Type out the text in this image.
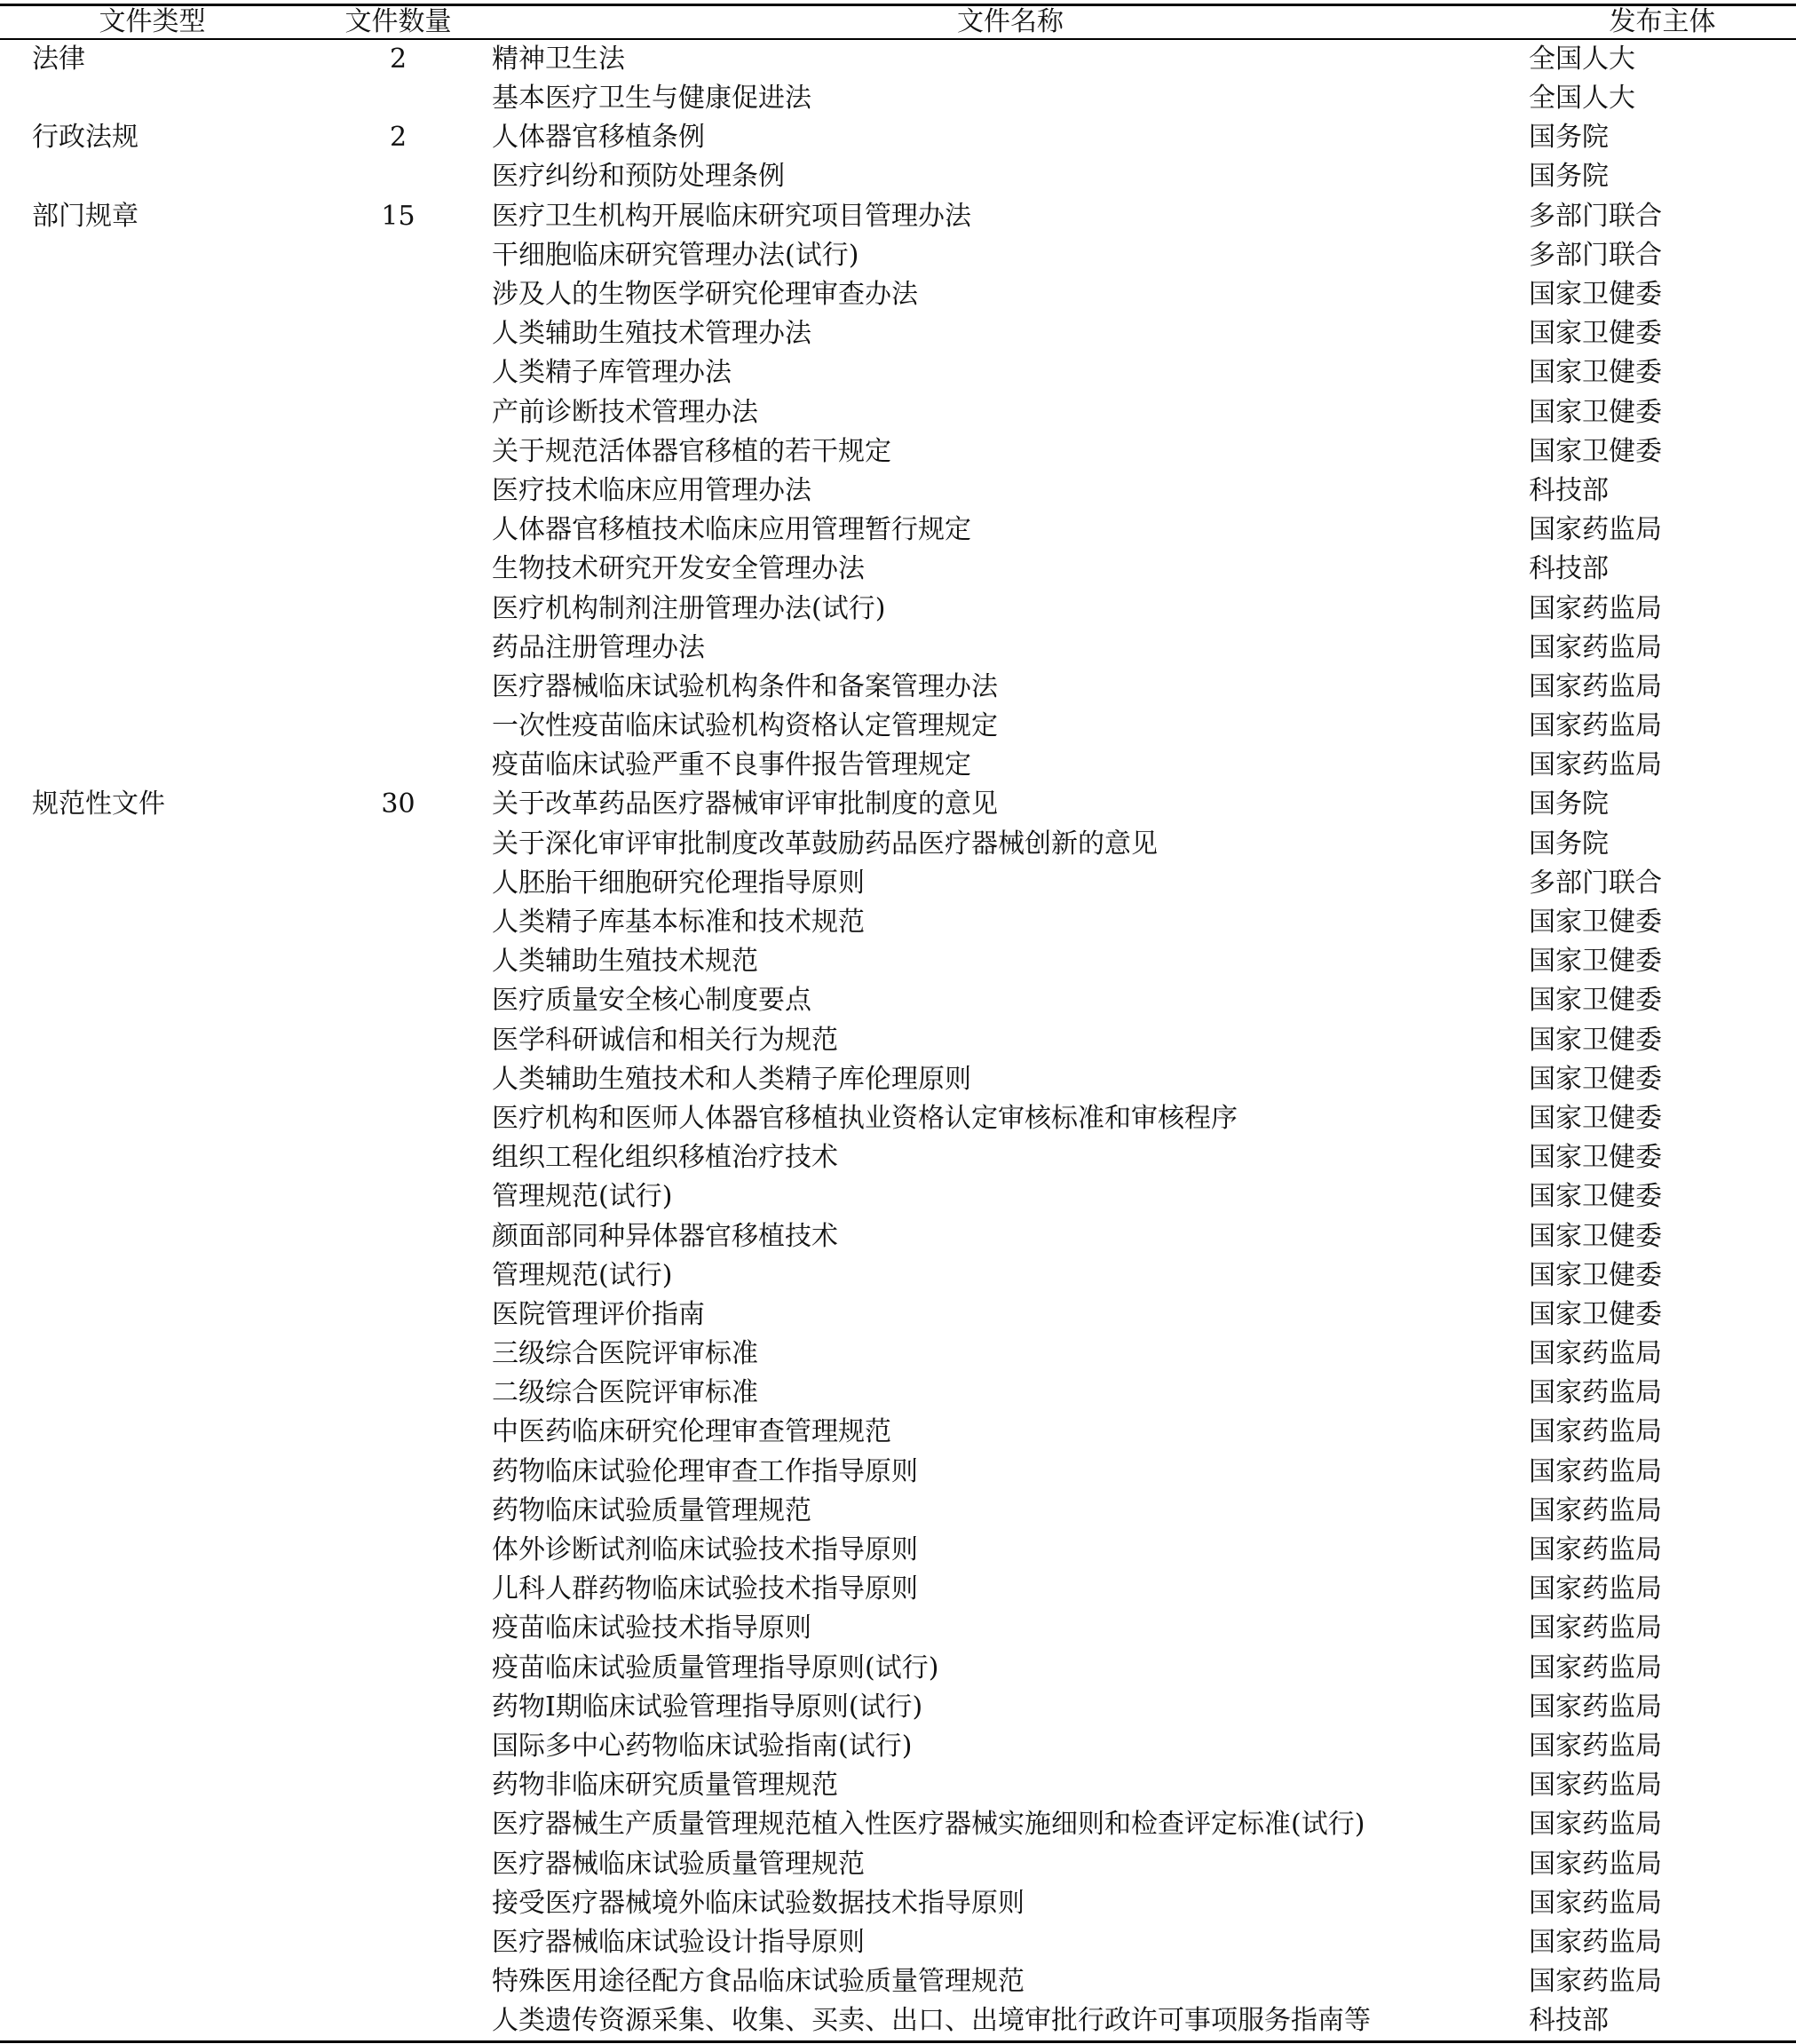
文件类型	文件数量	文件名称	发布主体
法律	2	精神卫生法	全国人大
		基本医疗卫生与健康促进法	全国人大
行政法规	2	人体器官移植条例	国务院
		医疗纠纷和预防处理条例	国务院
部门规章	15	医疗卫生机构开展临床研究项目管理办法	多部门联合
		干细胞临床研究管理办法(试行)	多部门联合
		涉及人的生物医学研究伦理审查办法	国家卫健委
		人类辅助生殖技术管理办法	国家卫健委
		人类精子库管理办法	国家卫健委
		产前诊断技术管理办法	国家卫健委
		关于规范活体器官移植的若干规定	国家卫健委
		医疗技术临床应用管理办法	科技部
		人体器官移植技术临床应用管理暂行规定	国家药监局
		生物技术研究开发安全管理办法	科技部
		医疗机构制剂注册管理办法(试行)	国家药监局
		药品注册管理办法	国家药监局
		医疗器械临床试验机构条件和备案管理办法	国家药监局
		一次性疫苗临床试验机构资格认定管理规定	国家药监局
		疫苗临床试验严重不良事件报告管理规定	国家药监局
规范性文件	30	关于改革药品医疗器械审评审批制度的意见	国务院
		关于深化审评审批制度改革鼓励药品医疗器械创新的意见	国务院
		人胚胎干细胞研究伦理指导原则	多部门联合
		人类精子库基本标准和技术规范	国家卫健委
		人类辅助生殖技术规范	国家卫健委
		医疗质量安全核心制度要点	国家卫健委
		医学科研诚信和相关行为规范	国家卫健委
		人类辅助生殖技术和人类精子库伦理原则	国家卫健委
		医疗机构和医师人体器官移植执业资格认定审核标准和审核程序	国家卫健委
		组织工程化组织移植治疗技术	国家卫健委
		管理规范(试行)	国家卫健委
		颜面部同种异体器官移植技术	国家卫健委
		管理规范(试行)	国家卫健委
		医院管理评价指南	国家卫健委
		三级综合医院评审标准	国家药监局
		二级综合医院评审标准	国家药监局
		中医药临床研究伦理审查管理规范	国家药监局
		药物临床试验伦理审查工作指导原则	国家药监局
		药物临床试验质量管理规范	国家药监局
		体外诊断试剂临床试验技术指导原则	国家药监局
		儿科人群药物临床试验技术指导原则	国家药监局
		疫苗临床试验技术指导原则	国家药监局
		疫苗临床试验质量管理指导原则(试行)	国家药监局
		药物Ⅰ期临床试验管理指导原则(试行)	国家药监局
		国际多中心药物临床试验指南(试行)	国家药监局
		药物非临床研究质量管理规范	国家药监局
		医疗器械生产质量管理规范植入性医疗器械实施细则和检查评定标准(试行)	国家药监局
		医疗器械临床试验质量管理规范	国家药监局
		接受医疗器械境外临床试验数据技术指导原则	国家药监局
		医疗器械临床试验设计指导原则	国家药监局
		特殊医用途径配方食品临床试验质量管理规范	国家药监局
		人类遗传资源采集、收集、买卖、出口、出境审批行政许可事项服务指南等	科技部
